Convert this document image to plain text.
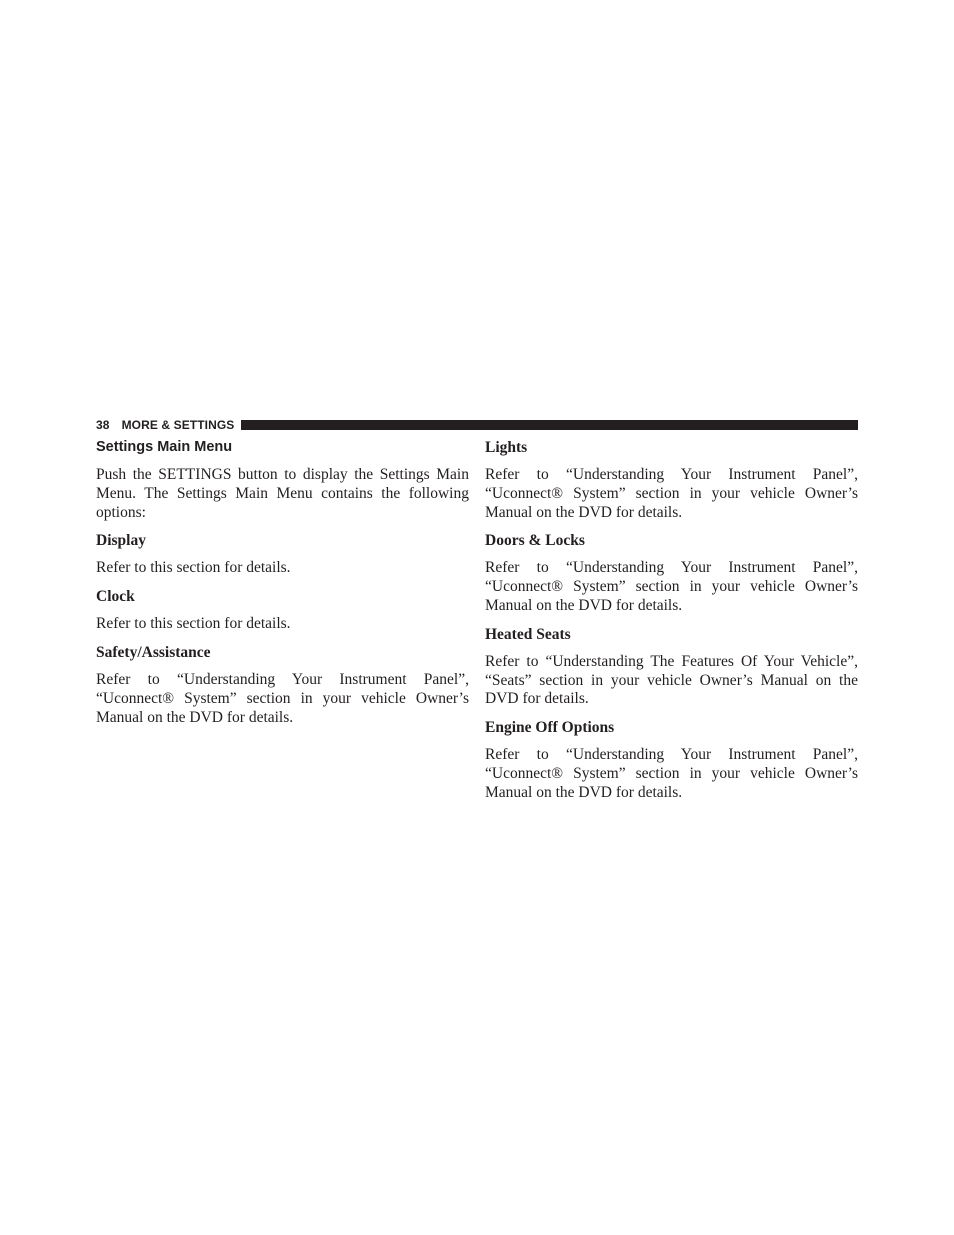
38 MORE & SETTINGS
Settings Main Menu

Push the SETTINGS button to display the Settings Main Menu. The Settings Main Menu contains the following options:

Display

Refer to this section for details.

Clock

Refer to this section for details.

Safety/Assistance

Refer to “Understanding Your Instrument Panel”, “Uconnect® System” section in your vehicle Owner’s Manual on the DVD for details.

Lights

Refer to “Understanding Your Instrument Panel”, “Uconnect® System” section in your vehicle Owner’s Manual on the DVD for details.

Doors & Locks

Refer to “Understanding Your Instrument Panel”, “Uconnect® System” section in your vehicle Owner’s Manual on the DVD for details.

Heated Seats

Refer to “Understanding The Features Of Your Vehicle”, “Seats” section in your vehicle Owner’s Manual on the DVD for details.

Engine Off Options

Refer to “Understanding Your Instrument Panel”, “Uconnect® System” section in your vehicle Owner’s Manual on the DVD for details.
